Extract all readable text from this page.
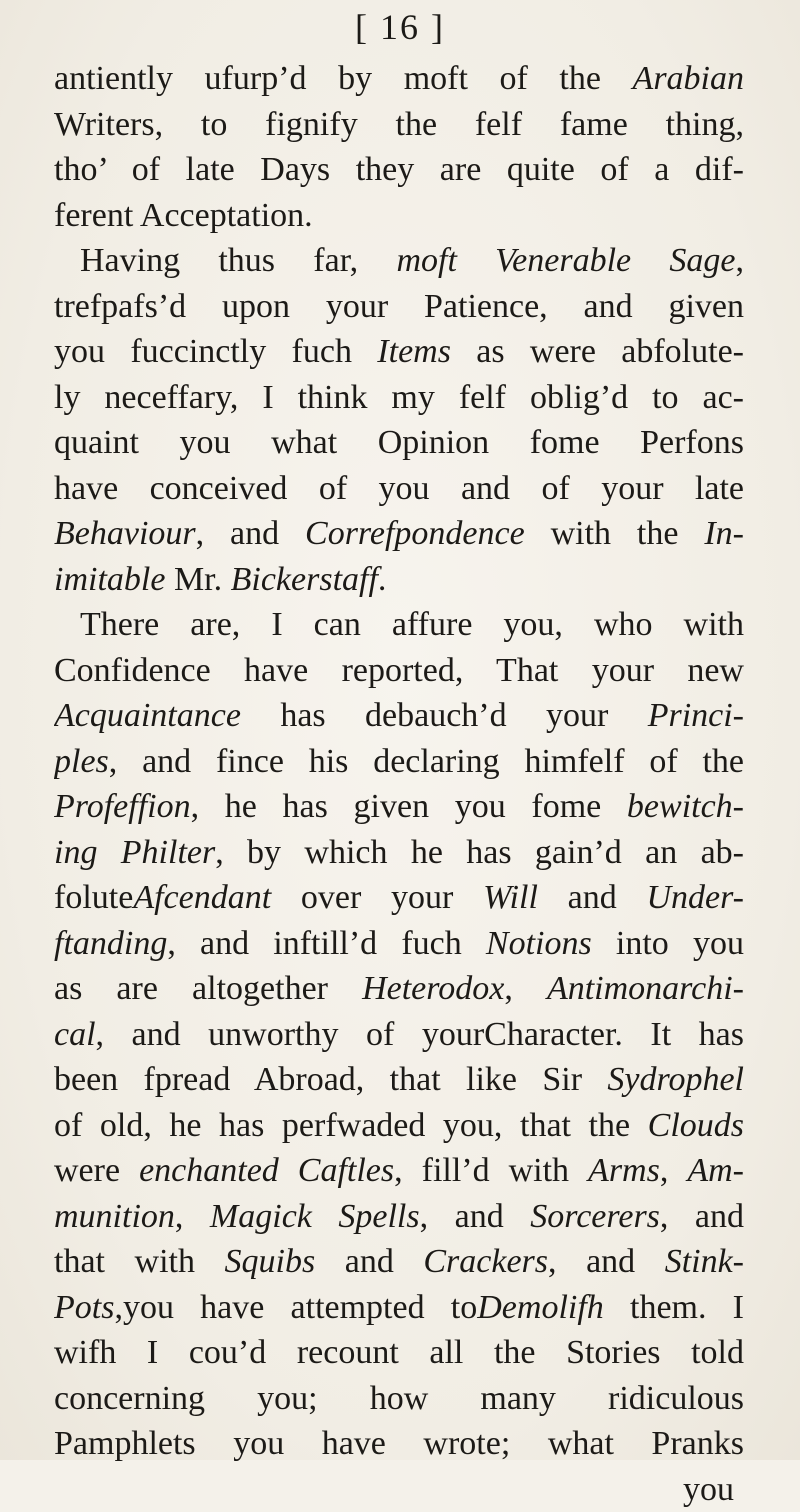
[ 16 ]
antiently ufurp’d by moft of the Arabian
Writers, to fignify the felf fame thing,
tho’ of late Days they are quite of a dif-
ferent Acceptation.
Having thus far, moft Venerable Sage,
trefpafs’d upon your Patience, and given
you fuccinctly fuch Items as were abfolute-
ly neceffary, I think my felf oblig’d to ac-
quaint you what Opinion fome Perfons
have conceived of you and of your late
Behaviour, and Correfpondence with the In-
imitable Mr. Bickerstaff.
There are, I can affure you, who with
Confidence have reported, That your new
Acquaintance has debauch’d your Princi-
ples, and fince his declaring himfelf of the
Profeffion, he has given you fome bewitch-
ing Philter, by which he has gain’d an ab-
foluteAfcendant over your Will and Under-
ftanding, and inftill’d fuch Notions into you
as are altogether Heterodox, Antimonarchi-
cal, and unworthy of yourCharacter. It has
been fpread Abroad, that like Sir Sydrophel
of old, he has perfwaded you, that the Clouds
were enchanted Caftles, fill’d with Arms, Am-
munition, Magick Spells, and Sorcerers, and
that with Squibs and Crackers, and Stink-
Pots,you have attempted toDemolifh them. I
wifh I cou’d recount all the Stories told
concerning you; how many ridiculous
Pamphlets you have wrote; what Pranks
you
